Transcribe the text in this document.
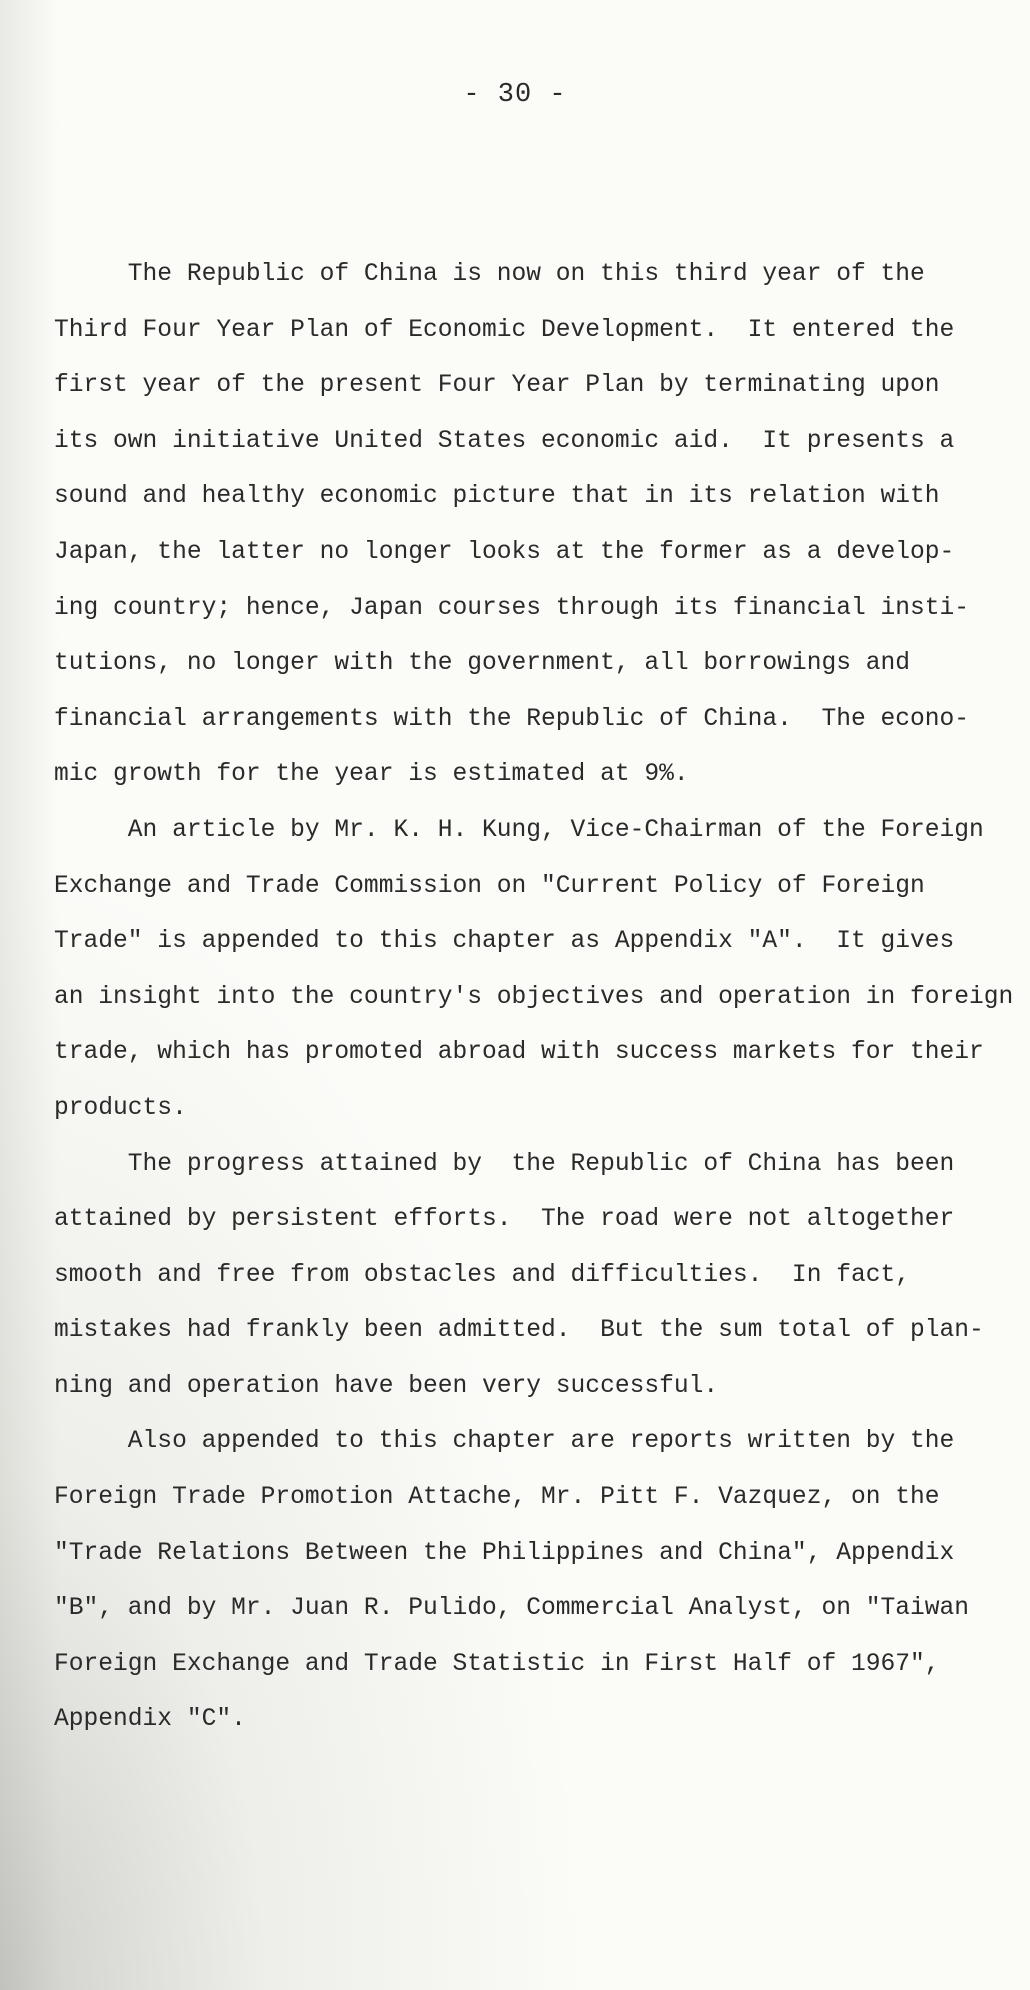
- 30 -
The Republic of China is now on this third year of the
Third Four Year Plan of Economic Development.  It entered the
first year of the present Four Year Plan by terminating upon
its own initiative United States economic aid.  It presents a
sound and healthy economic picture that in its relation with
Japan, the latter no longer looks at the former as a develop-
ing country; hence, Japan courses through its financial insti-
tutions, no longer with the government, all borrowings and
financial arrangements with the Republic of China.  The econo-
mic growth for the year is estimated at 9%.
An article by Mr. K. H. Kung, Vice-Chairman of the Foreign
Exchange and Trade Commission on "Current Policy of Foreign
Trade" is appended to this chapter as Appendix "A".  It gives
an insight into the country's objectives and operation in foreign
trade, which has promoted abroad with success markets for their
products.
The progress attained by  the Republic of China has been
attained by persistent efforts.  The road were not altogether
smooth and free from obstacles and difficulties.  In fact,
mistakes had frankly been admitted.  But the sum total of plan-
ning and operation have been very successful.
Also appended to this chapter are reports written by the
Foreign Trade Promotion Attache, Mr. Pitt F. Vazquez, on the
"Trade Relations Between the Philippines and China", Appendix
"B", and by Mr. Juan R. Pulido, Commercial Analyst, on "Taiwan
Foreign Exchange and Trade Statistic in First Half of 1967",
Appendix "C".
